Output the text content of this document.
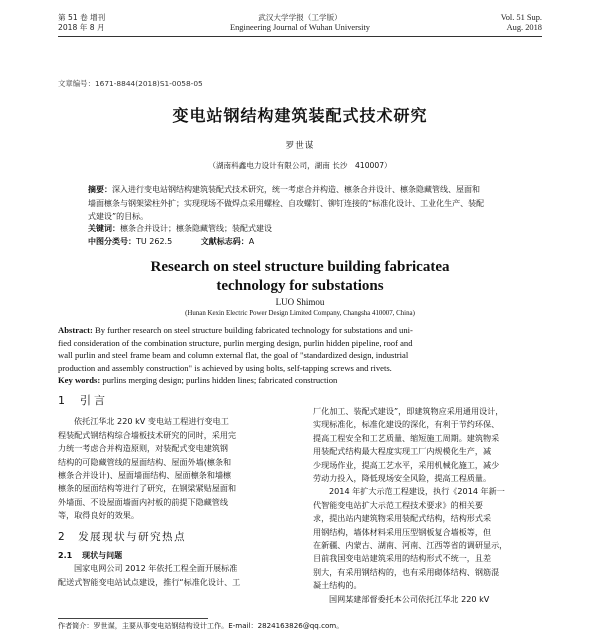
第 51 卷 增刊
2018 年 8 月
武汉大学学报（工学版）
Engineering Journal of Wuhan University
Vol. 51 Sup.
Aug. 2018
文章编号：1671-8844(2018)S1-0058-05
变电站钢结构建筑装配式技术研究
罗世谋
（湖南科鑫电力设计有限公司，湖南 长沙　410007）
摘要：深入进行变电站钢结构建筑装配式技术研究，统一考虑合并构造、檩条合并设计、檩条隐藏管线、屋面和
墙面檩条与钢架梁柱外扩；实现现场不做焊点采用螺栓、自攻螺钉、铆钉连接的“标准化设计、工业化生产、装配
式建设”的目标。
关键词：檩条合并设计；檩条隐藏管线；装配式建设
中图分类号：TU 262.5	文献标志码：A
Research on steel structure building fabricatea
technology for substations
LUO Shimou
(Hunan Kexin Electric Power Design Limited Company, Changsha 410007, China)
Abstract: By further research on steel structure building fabricated technology for substations and uni-
fied consideration of the combination structure, purlin merging design, purlin hidden pipeline, roof and
wall purlin and steel frame beam and column external flat, the goal of "standardized design, industrial
production and assembly construction" is achieved by using bolts, self-tapping screws and rivets.
Key words: purlins merging design; purlins hidden lines; fabricated construction
1 引言
依托江华北 220 kV 变电站工程进行变电工
程装配式钢结构综合墙板技术研究的同时，采用完
力统一考虑合并构造原则，对装配式变电建筑钢
结构的可隐藏管线的屋面结构、屋面外墙(檩条和
檩条合并设计)、屋面墙面结构、屋面檩条和墙檩
檩条的屋面结构等进行了研究，在钢梁紧贴屋面和
外墙面、不设屋面墙面内衬板的前提下隐藏管线
等，取得良好的效果。
2 发展现状与研究热点
2.1 现状与问题
国家电网公司 2012 年依托工程全面开展标准
配送式智能变电站试点建设，推行“标准化设计、工
厂化加工、装配式建设”，即建筑物应采用通用设计，
实现标准化，标准化建设的深化，有利于节约环保、
提高工程安全和工艺质量、缩短施工周期。建筑物采
用装配式结构最大程度实现工厂内规模化生产，减
少现场作业，提高工艺水平，采用机械化施工，减少
劳动力投入，降低现场安全风险，提高工程质量。
2014 年扩大示范工程建设，执行《2014 年新一
代智能变电站扩大示范工程技术要求》的相关要
求，提出站内建筑物采用装配式结构，结构形式采
用钢结构，墙体材料采用压型钢板复合墙板等，但
在新疆、内蒙古、湖南、河南、江西等省的调研显示，
目前我国变电站建筑采用的结构形式不统一，且差
别大，有采用钢结构的，也有采用砌体结构、钢筋混
凝土结构的。
国网某建部督委托本公司依托江华北 220 kV
作者简介：罗世谋，主要从事变电站钢结构设计工作。E-mail：2824163826@qq.com。
